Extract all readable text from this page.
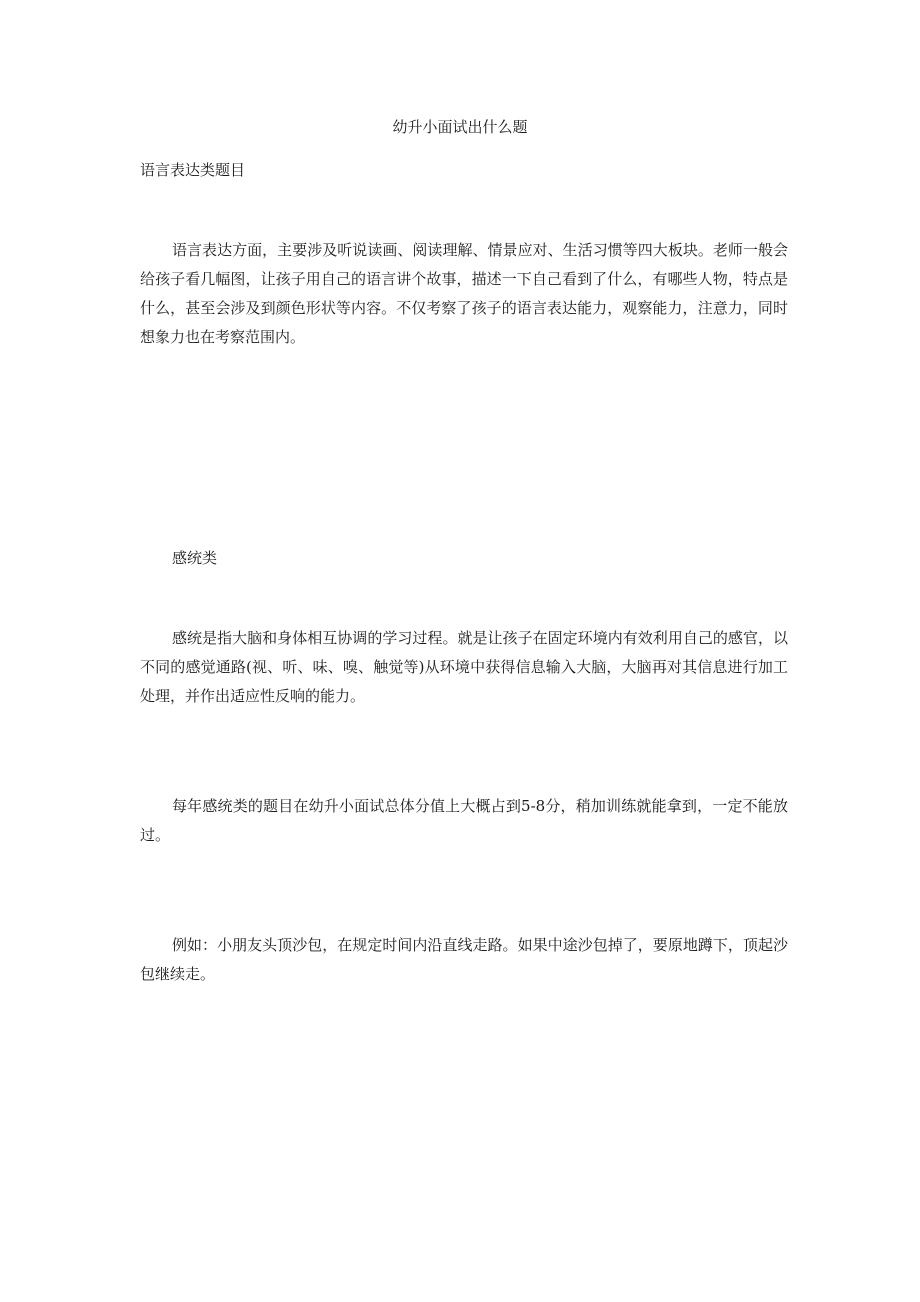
幼升小面试出什么题

语言表达类题目

语言表达方面，主要涉及听说读画、阅读理解、情景应对、生活习惯等四大板块。老师一般会给孩子看几幅图，让孩子用自己的语言讲个故事，描述一下自己看到了什么，有哪些人物，特点是什么，甚至会涉及到颜色形状等内容。不仅考察了孩子的语言表达能力，观察能力，注意力，同时想象力也在考察范围内。

感统类

感统是指大脑和身体相互协调的学习过程。就是让孩子在固定环境内有效利用自己的感官，以不同的感觉通路(视、听、味、嗅、触觉等)从环境中获得信息输入大脑，大脑再对其信息进行加工处理，并作出适应性反响的能力。

每年感统类的题目在幼升小面试总体分值上大概占到5-8分，稍加训练就能拿到，一定不能放过。

例如：小朋友头顶沙包，在规定时间内沿直线走路。如果中途沙包掉了，要原地蹲下，顶起沙包继续走。
